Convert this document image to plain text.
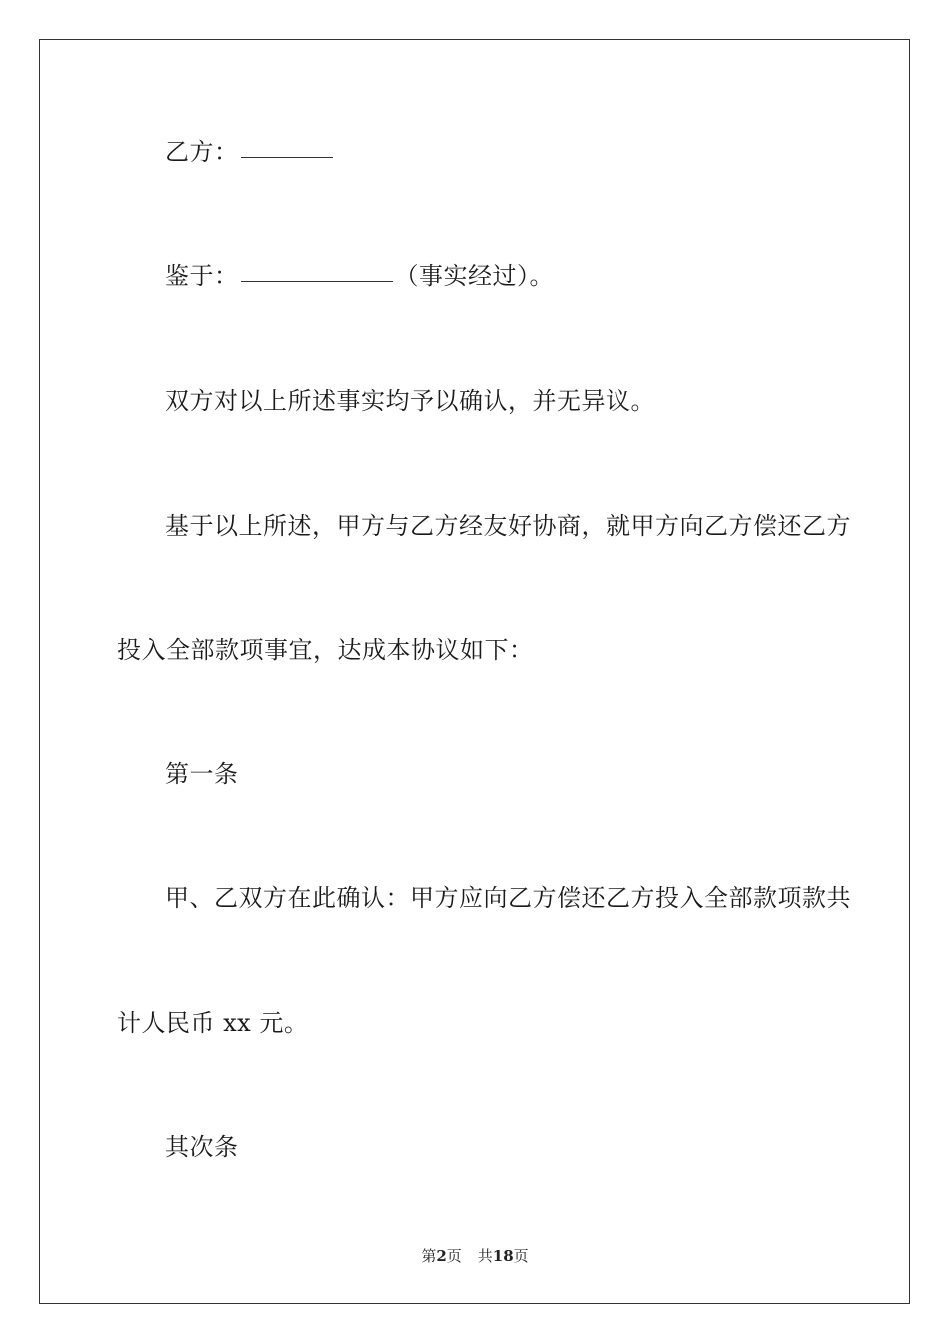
乙方：
鉴于：	（事实经过）。
双方对以上所述事实均予以确认，并无异议。
基于以上所述，甲方与乙方经友好协商，就甲方向乙方偿还乙方
投入全部款项事宜，达成本协议如下：
第一条
甲、乙双方在此确认：甲方应向乙方偿还乙方投入全部款项款共
计人民币 xx 元。
其次条
第2页 共18页
